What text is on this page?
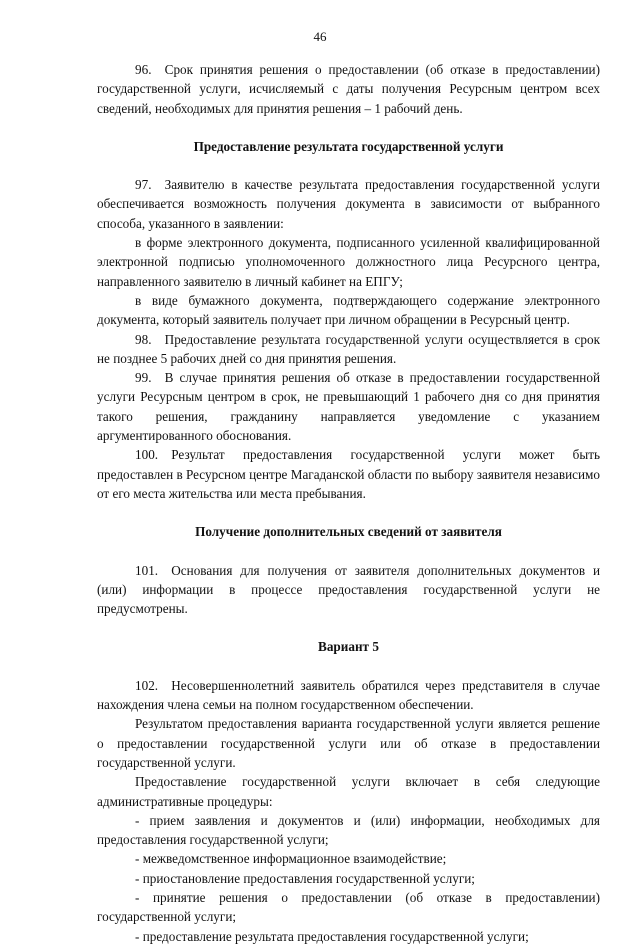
46

96. Срок принятия решения о предоставлении (об отказе в предоставлении) государственной услуги, исчисляемый с даты получения Ресурсным центром всех сведений, необходимых для принятия решения – 1 рабочий день.

Предоставление результата государственной услуги

97. Заявителю в качестве результата предоставления государственной услуги обеспечивается возможность получения документа в зависимости от выбранного способа, указанного в заявлении:

в форме электронного документа, подписанного усиленной квалифицированной электронной подписью уполномоченного должностного лица Ресурсного центра, направленного заявителю в личный кабинет на ЕПГУ;

в виде бумажного документа, подтверждающего содержание электронного документа, который заявитель получает при личном обращении в Ресурсный центр.

98. Предоставление результата государственной услуги осуществляется в срок не позднее 5 рабочих дней со дня принятия решения.

99. В случае принятия решения об отказе в предоставлении государственной услуги Ресурсным центром в срок, не превышающий 1 рабочего дня со дня принятия такого решения, гражданину направляется уведомление с указанием аргументированного обоснования.

100. Результат предоставления государственной услуги может быть предоставлен в Ресурсном центре Магаданской области по выбору заявителя независимо от его места жительства или места пребывания.

Получение дополнительных сведений от заявителя

101. Основания для получения от заявителя дополнительных документов и (или) информации в процессе предоставления государственной услуги не предусмотрены.

Вариант 5

102. Несовершеннолетний заявитель обратился через представителя в случае нахождения члена семьи на полном государственном обеспечении.

Результатом предоставления варианта государственной услуги является решение о предоставлении государственной услуги или об отказе в предоставлении государственной услуги.

Предоставление государственной услуги включает в себя следующие административные процедуры:

- прием заявления и документов и (или) информации, необходимых для предоставления государственной услуги;

- межведомственное информационное взаимодействие;

- приостановление предоставления государственной услуги;

- принятие решения о предоставлении (об отказе в предоставлении) государственной услуги;

- предоставление результата предоставления государственной услуги;
